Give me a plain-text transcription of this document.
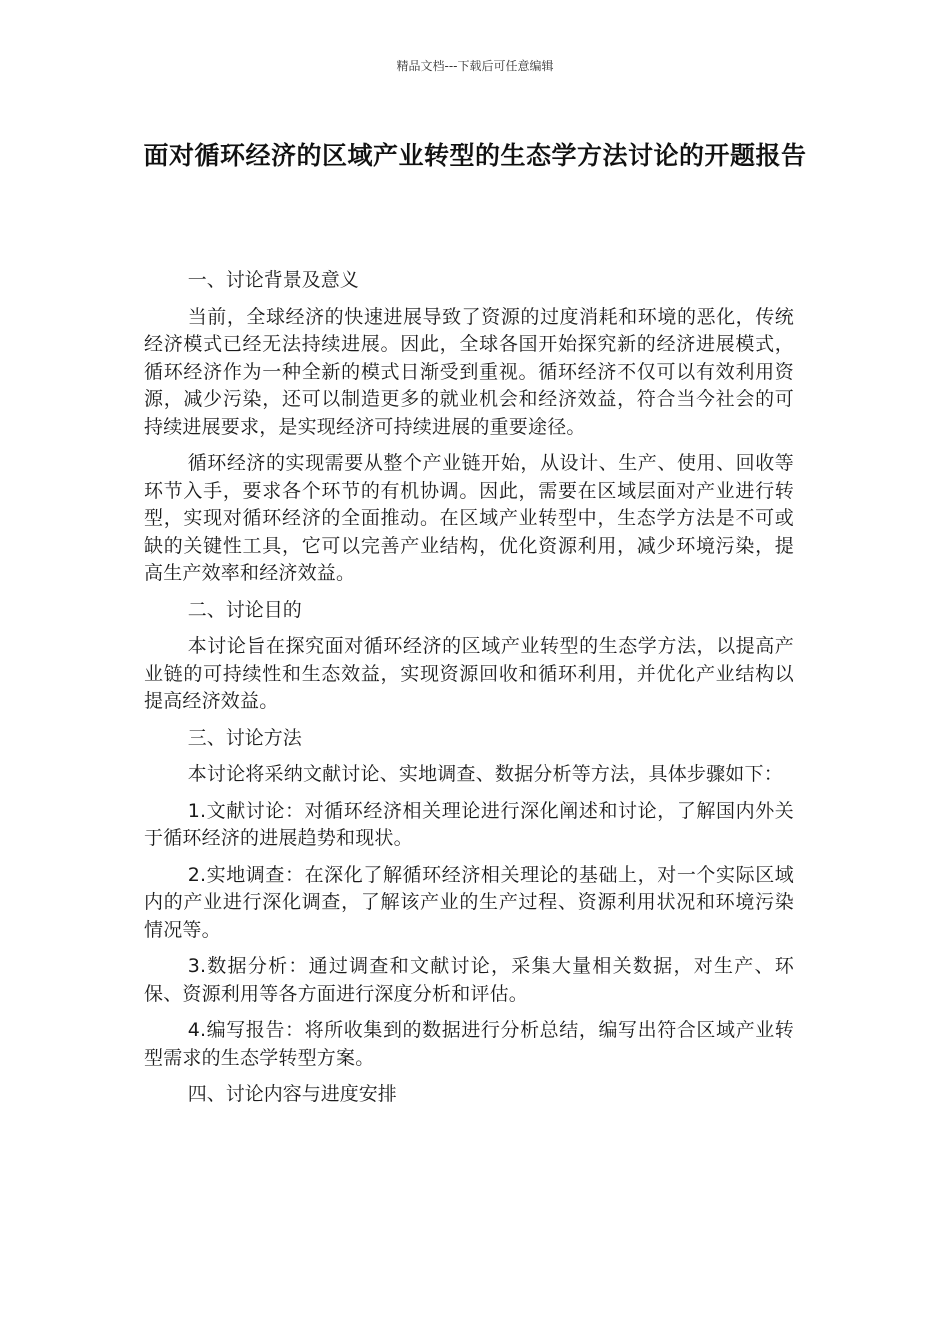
精品文档---下载后可任意编辑
面对循环经济的区域产业转型的生态学方法讨论的开题报告

一、讨论背景及意义

当前，全球经济的快速进展导致了资源的过度消耗和环境的恶化，传统经济模式已经无法持续进展。因此，全球各国开始探究新的经济进展模式，循环经济作为一种全新的模式日渐受到重视。循环经济不仅可以有效利用资源，减少污染，还可以制造更多的就业机会和经济效益，符合当今社会的可持续进展要求，是实现经济可持续进展的重要途径。

循环经济的实现需要从整个产业链开始，从设计、生产、使用、回收等环节入手，要求各个环节的有机协调。因此，需要在区域层面对产业进行转型，实现对循环经济的全面推动。在区域产业转型中，生态学方法是不可或缺的关键性工具，它可以完善产业结构，优化资源利用，减少环境污染，提高生产效率和经济效益。

二、讨论目的

本讨论旨在探究面对循环经济的区域产业转型的生态学方法，以提高产业链的可持续性和生态效益，实现资源回收和循环利用，并优化产业结构以提高经济效益。

三、讨论方法

本讨论将采纳文献讨论、实地调查、数据分析等方法，具体步骤如下：

1.文献讨论：对循环经济相关理论进行深化阐述和讨论，了解国内外关于循环经济的进展趋势和现状。

2.实地调查：在深化了解循环经济相关理论的基础上，对一个实际区域内的产业进行深化调查，了解该产业的生产过程、资源利用状况和环境污染情况等。

3.数据分析：通过调查和文献讨论，采集大量相关数据，对生产、环保、资源利用等各方面进行深度分析和评估。

4.编写报告：将所收集到的数据进行分析总结，编写出符合区域产业转型需求的生态学转型方案。

四、讨论内容与进度安排
